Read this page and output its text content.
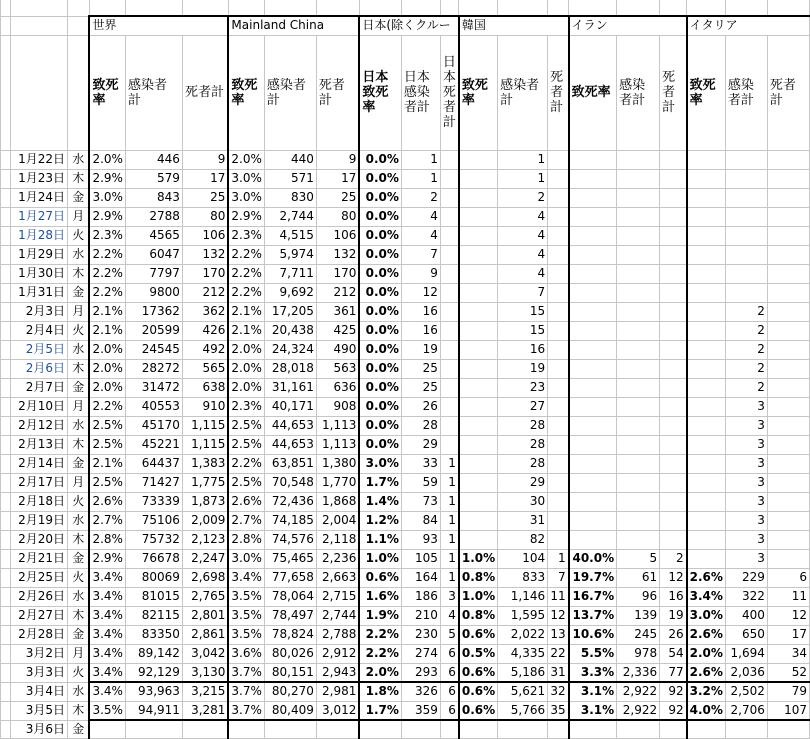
			世界			Mainland China			日本(除くクルー			韓国			イラン			イタリア		
			致死率	感染者計	死者計	致死率	感染者計	死者計	日本致死率	日本感染者計	日本死者計	致死率	感染者計	死者計	致死率	感染者計	死者計	致死率	感染者計	死者計
	1月22日	水	2.0%	446	9	2.0%	440	9	0.0%	1			1							
	1月23日	木	2.9%	579	17	3.0%	571	17	0.0%	1			1							
	1月24日	金	3.0%	843	25	3.0%	830	25	0.0%	2			2							
	1月27日	月	2.9%	2788	80	2.9%	2,744	80	0.0%	4			4							
	1月28日	火	2.3%	4565	106	2.3%	4,515	106	0.0%	4			4							
	1月29日	水	2.2%	6047	132	2.2%	5,974	132	0.0%	7			4							
	1月30日	木	2.2%	7797	170	2.2%	7,711	170	0.0%	9			4							
	1月31日	金	2.2%	9800	212	2.2%	9,692	212	0.0%	12			7							
	2月3日	月	2.1%	17362	362	2.1%	17,205	361	0.0%	16			15						2	
	2月4日	火	2.1%	20599	426	2.1%	20,438	425	0.0%	16			15						2	
	2月5日	水	2.0%	24545	492	2.0%	24,324	490	0.0%	19			16						2	
	2月6日	木	2.0%	28272	565	2.0%	28,018	563	0.0%	25			19						2	
	2月7日	金	2.0%	31472	638	2.0%	31,161	636	0.0%	25			23						2	
	2月10日	月	2.2%	40553	910	2.3%	40,171	908	0.0%	26			27						3	
	2月12日	水	2.5%	45170	1,115	2.5%	44,653	1,113	0.0%	28			28						3	
	2月13日	木	2.5%	45221	1,115	2.5%	44,653	1,113	0.0%	29			28						3	
	2月14日	金	2.1%	64437	1,383	2.2%	63,851	1,380	3.0%	33	1		28						3	
	2月17日	月	2.5%	71427	1,775	2.5%	70,548	1,770	1.7%	59	1		29						3	
	2月18日	火	2.6%	73339	1,873	2.6%	72,436	1,868	1.4%	73	1		30						3	
	2月19日	水	2.7%	75106	2,009	2.7%	74,185	2,004	1.2%	84	1		31						3	
	2月20日	木	2.8%	75732	2,123	2.8%	74,576	2,118	1.1%	93	1		82						3	
	2月21日	金	2.9%	76678	2,247	3.0%	75,465	2,236	1.0%	105	1	1.0%	104	1	40.0%	5	2		3	
	2月25日	火	3.4%	80069	2,698	3.4%	77,658	2,663	0.6%	164	1	0.8%	833	7	19.7%	61	12	2.6%	229	6
	2月26日	水	3.4%	81015	2,765	3.5%	78,064	2,715	1.6%	186	3	1.0%	1,146	11	16.7%	96	16	3.4%	322	11
	2月27日	木	3.4%	82115	2,801	3.5%	78,497	2,744	1.9%	210	4	0.8%	1,595	12	13.7%	139	19	3.0%	400	12
	2月28日	金	3.4%	83350	2,861	3.5%	78,824	2,788	2.2%	230	5	0.6%	2,022	13	10.6%	245	26	2.6%	650	17
	3月2日	月	3.4%	89,142	3,042	3.6%	80,026	2,912	2.2%	274	6	0.5%	4,335	22	5.5%	978	54	2.0%	1,694	34
	3月3日	火	3.4%	92,129	3,130	3.7%	80,151	2,943	2.0%	293	6	0.6%	5,186	31	3.3%	2,336	77	2.6%	2,036	52
	3月4日	水	3.4%	93,963	3,215	3.7%	80,270	2,981	1.8%	326	6	0.6%	5,621	32	3.1%	2,922	92	3.2%	2,502	79
	3月5日	木	3.5%	94,911	3,281	3.7%	80,409	3,012	1.7%	359	6	0.6%	5,766	35	3.1%	2,922	92	4.0%	2,706	107
	3月6日	金																		
